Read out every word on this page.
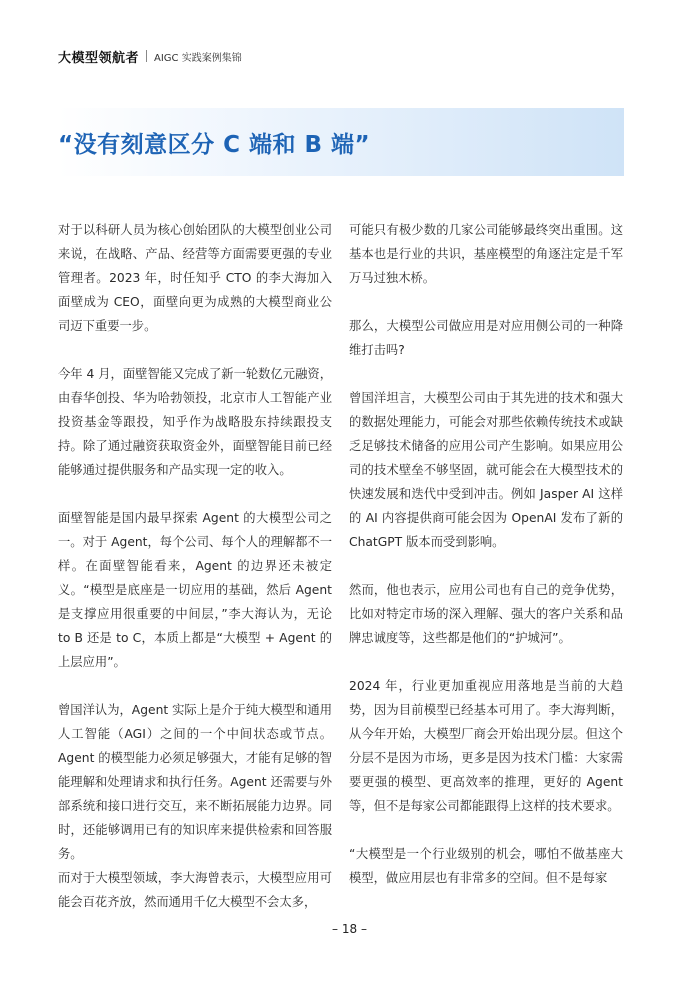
大模型领航者 AIGC 实践案例集锦
“没有刻意区分 C 端和 B 端”

对于以科研人员为核心创始团队的大模型创业公司来说，在战略、产品、经营等方面需要更强的专业管理者。2023 年，时任知乎 CTO 的李大海加入面壁成为 CEO，面壁向更为成熟的大模型商业公司迈下重要一步。

今年 4 月，面壁智能又完成了新一轮数亿元融资，由春华创投、华为哈勃领投，北京市人工智能产业投资基金等跟投，知乎作为战略股东持续跟投支持。除了通过融资获取资金外，面壁智能目前已经能够通过提供服务和产品实现一定的收入。

面壁智能是国内最早探索 Agent 的大模型公司之一。对于 Agent，每个公司、每个人的理解都不一样。在面壁智能看来，Agent 的边界还未被定义。“模型是底座是一切应用的基础，然后 Agent 是支撑应用很重要的中间层，”李大海认为，无论 to B 还是 to C，本质上都是“大模型 + Agent 的上层应用”。

曾国洋认为，Agent 实际上是介于纯大模型和通用人工智能（AGI）之间的一个中间状态或节点。Agent 的模型能力必须足够强大，才能有足够的智能理解和处理请求和执行任务。Agent 还需要与外部系统和接口进行交互，来不断拓展能力边界。同时，还能够调用已有的知识库来提供检索和回答服务。

而对于大模型领域，李大海曾表示，大模型应用可能会百花齐放，然而通用千亿大模型不会太多，

可能只有极少数的几家公司能够最终突出重围。这基本也是行业的共识，基座模型的角逐注定是千军万马过独木桥。

那么，大模型公司做应用是对应用侧公司的一种降维打击吗?

曾国洋坦言，大模型公司由于其先进的技术和强大的数据处理能力，可能会对那些依赖传统技术或缺乏足够技术储备的应用公司产生影响。如果应用公司的技术壁垒不够坚固，就可能会在大模型技术的快速发展和迭代中受到冲击。例如 Jasper AI 这样的 AI 内容提供商可能会因为 OpenAI 发布了新的 ChatGPT 版本而受到影响。

然而，他也表示，应用公司也有自己的竞争优势，比如对特定市场的深入理解、强大的客户关系和品牌忠诚度等，这些都是他们的“护城河”。

2024 年，行业更加重视应用落地是当前的大趋势，因为目前模型已经基本可用了。李大海判断，从今年开始，大模型厂商会开始出现分层。但这个分层不是因为市场，更多是因为技术门槛：大家需要更强的模型、更高效率的推理，更好的 Agent 等，但不是每家公司都能跟得上这样的技术要求。

“大模型是一个行业级别的机会，哪怕不做基座大模型，做应用层也有非常多的空间。但不是每家

– 18 –
